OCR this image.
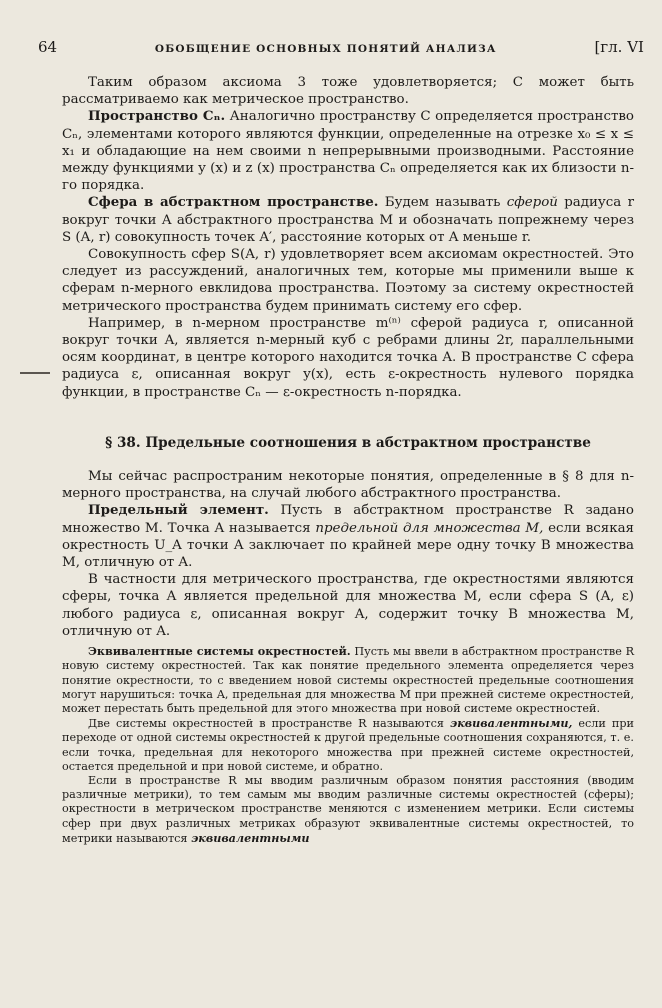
64	ОБОБЩЕНИЕ ОСНОВНЫХ ПОНЯТИЙ АНАЛИЗА	[гл. VI

Таким образом аксиома 3 тоже удовлетворяется; C может быть рассматриваемо как метрическое пространство.

Пространство Cₙ. Аналогично пространству C определяется пространство Cₙ, элементами которого являются функции, определенные на отрезке x₀ ≤ x ≤ x₁ и обладающие на нем своими n непрерывными производными. Расстояние между функциями y (x) и z (x) пространства Cₙ определяется как их близости n-го порядка.

Сфера в абстрактном пространстве. Будем называть сферой радиуса r вокруг точки A абстрактного пространства M и обозначать попрежнему через S (A, r) совокупность точек A′, расстояние которых от A меньше r.

Совокупность сфер S(A, r) удовлетворяет всем аксиомам окрестностей. Это следует из рассуждений, аналогичных тем, которые мы применили выше к сферам n-мерного евклидова пространства. Поэтому за систему окрестностей метрического пространства будем принимать систему его сфер.

Например, в n-мерном пространстве m⁽ⁿ⁾ сферой радиуса r, описанной вокруг точки A, является n-мерный куб с ребрами длины 2r, параллельными осям координат, в центре которого находится точка A. В пространстве C сфера радиуса ε, описанная вокруг y(x), есть ε-окрестность нулевого порядка функции, в пространстве Cₙ — ε-окрестность n-порядка.

§ 38. Предельные соотношения в абстрактном пространстве

Мы сейчас распространим некоторые понятия, определенные в § 8 для n-мерного пространства, на случай любого абстрактного пространства.

Предельный элемент. Пусть в абстрактном пространстве R задано множество M. Точка A называется предельной для множества M, если всякая окрестность U_A точки A заключает по крайней мере одну точку B множества M, отличную от A.

В частности для метрического пространства, где окрестностями являются сферы, точка A является предельной для множества M, если сфера S (A, ε) любого радиуса ε, описанная вокруг A, содержит точку B множества M, отличную от A.

Эквивалентные системы окрестностей. Пусть мы ввели в абстрактном пространстве R новую систему окрестностей. Так как понятие предельного элемента определяется через понятие окрестности, то с введением новой системы окрестностей предельные соотношения могут нарушиться: точка A, предельная для множества M при прежней системе окрестностей, может перестать быть предельной для этого множества при новой системе окрестностей.

Две системы окрестностей в пространстве R называются эквивалентными, если при переходе от одной системы окрестностей к другой предельные соотношения сохраняются, т. е. если точка, предельная для некоторого множества при прежней системе окрестностей, остается предельной и при новой системе, и обратно.

Если в пространстве R мы вводим различным образом понятия расстояния (вводим различные метрики), то тем самым мы вводим различные системы окрестностей (сферы); окрестности в метрическом пространстве меняются с изменением метрики. Если системы сфер при двух различных метриках образуют эквивалентные системы окрестностей, то метрики называются эквивалентными
